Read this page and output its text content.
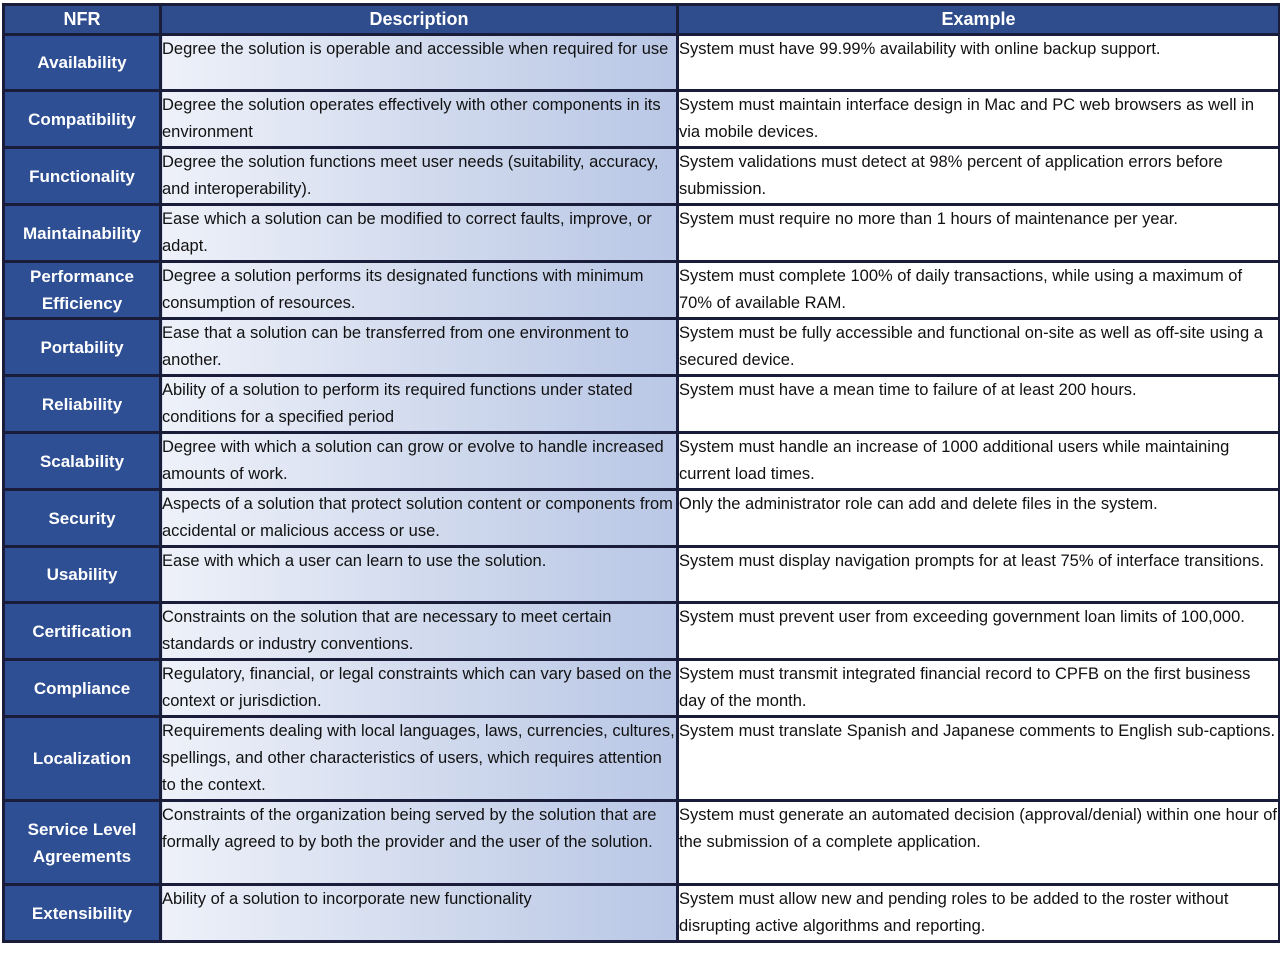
NFR	Description	Example
Availability	Degree the solution is operable and accessible when required for use	System must have 99.99% availability with online backup support.
Compatibility	Degree the solution operates effectively with other components in its environment	System must maintain interface design in Mac and PC web browsers as well in via mobile devices.
Functionality	Degree the solution functions meet user needs (suitability, accuracy, and interoperability).	System validations must detect at 98% percent of application errors before submission.
Maintainability	Ease which a solution can be modified to correct faults, improve, or adapt.	System must require no more than 1 hours of maintenance per year.
Performance Efficiency	Degree a solution performs its designated functions with minimum consumption of resources.	System must complete 100% of daily transactions, while using a maximum of 70% of available RAM.
Portability	Ease that a solution can be transferred from one environment to another.	System must be fully accessible and functional on-site as well as off-site using a secured device.
Reliability	Ability of a solution to perform its required functions under stated conditions for a specified period	System must have a mean time to failure of at least 200 hours.
Scalability	Degree with which a solution can grow or evolve to handle increased amounts of work.	System must handle an increase of 1000 additional users while maintaining current load times.
Security	Aspects of a solution that protect solution content or components from accidental or malicious access or use.	Only the administrator role can add and delete files in the system.
Usability	Ease with which a user can learn to use the solution.	System must display navigation prompts for at least 75% of interface transitions.
Certification	Constraints on the solution that are necessary to meet certain standards or industry conventions.	System must prevent user from exceeding government loan limits of 100,000.
Compliance	Regulatory, financial, or legal constraints which can vary based on the context or jurisdiction.	System must transmit integrated financial record to CPFB on the first business day of the month.
Localization	Requirements dealing with local languages, laws, currencies, cultures, spellings, and other characteristics of users, which requires attention to the context.	System must translate Spanish and Japanese comments to English sub-captions.
Service Level Agreements	Constraints of the organization being served by the solution that are formally agreed to by both the provider and the user of the solution.	System must generate an automated decision (approval/denial) within one hour of the submission of a complete application.
Extensibility	Ability of a solution to incorporate new functionality	System must allow new and pending roles to be added to the roster without disrupting active algorithms and reporting.
